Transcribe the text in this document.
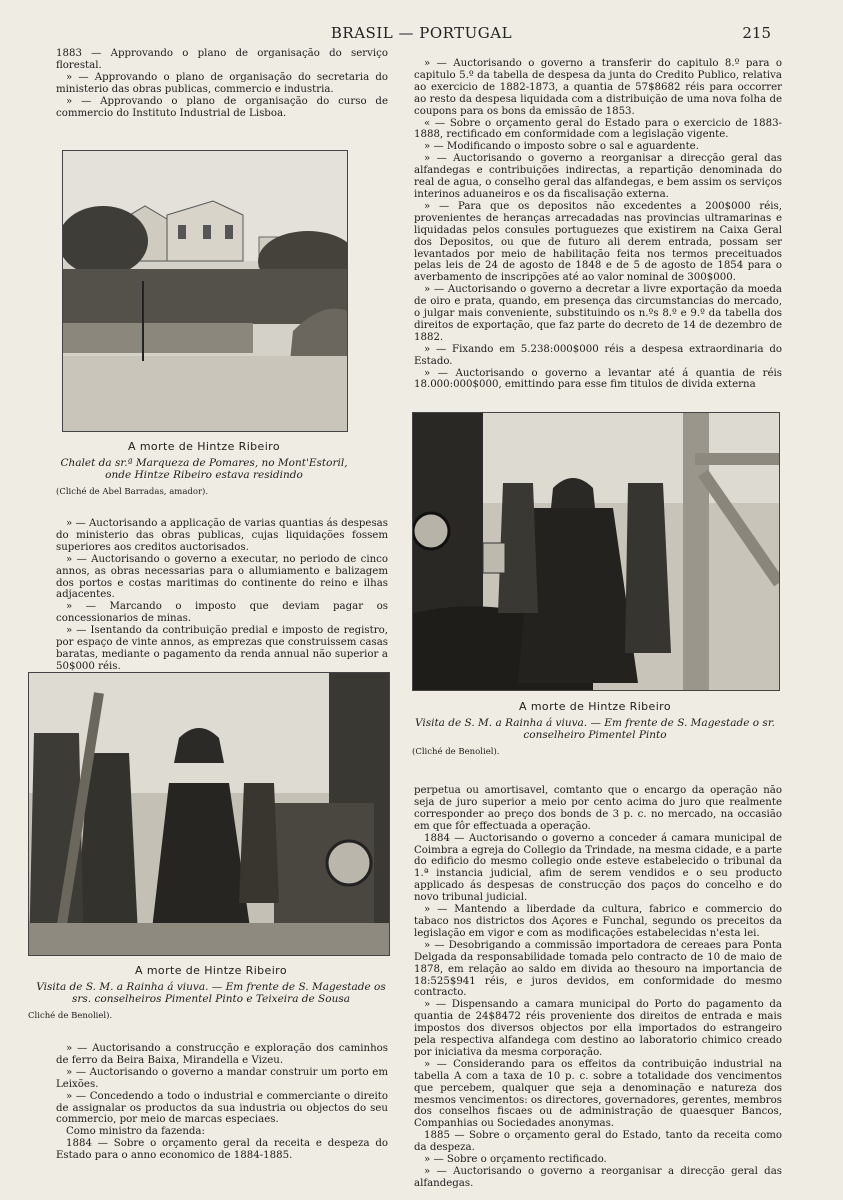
BRASIL — PORTUGAL	215

1883 — Approvando o plano de organisação do serviço florestal.

» — Approvando o plano de organisação do secretaria do ministerio das obras publicas, commercio e industria.

» — Approvando o plano de organisação do curso de commercio do Instituto Industrial de Lisboa.

A morte de Hintze Ribeiro
Chalet da sr.ª Marqueza de Pomares, no Mont'Estoril, onde Hintze Ribeiro estava residindo
(Cliché de Abel Barradas, amador).

» — Auctorisando a applicação de varias quantias ás despesas do ministerio das obras publicas, cujas liquidações fossem superiores aos creditos auctorisados.

» — Auctorisando o governo a executar, no periodo de cinco annos, as obras necessarias para o allumiamento e balizagem dos portos e costas maritimas do continente do reino e ilhas adjacentes.

» — Marcando o imposto que deviam pagar os concessionarios de minas.

» — Isentando da contribuição predial e imposto de registro, por espaço de vinte annos, as emprezas que construissem casas baratas, mediante o pagamento da renda annual não superior a 50$000 réis.

A morte de Hintze Ribeiro
Visita de S. M. a Rainha á viuva. — Em frente de S. Magestade os srs. conselheiros Pimentel Pinto e Teixeira de Sousa
Cliché de Benoliel).

» — Auctorisando a construcção e exploração dos caminhos de ferro da Beira Baixa, Mirandella e Vizeu.

» — Auctorisando o governo a mandar construir um porto em Leixões.

» — Concedendo a todo o industrial e commerciante o direito de assignalar os productos da sua industria ou objectos do seu commercio, por meio de marcas especiaes.

Como ministro da fazenda:

1884 — Sobre o orçamento geral da receita e despeza do Estado para o anno economico de 1884-1885.

» — Auctorisando o governo a transferir do capitulo 8.º para o capitulo 5.º da tabella de despesa da junta do Credito Publico, relativa ao exercicio de 1882-1873, a quantia de 57$8682 réis para occorrer ao resto da despesa liquidada com a distribuição de uma nova folha de coupons para os bons da emissão de 1853.

« — Sobre o orçamento geral do Estado para o exercicio de 1883-1888, rectificado em conformidade com a legislação vigente.

» — Modificando o imposto sobre o sal e aguardente.

» — Auctorisando o governo a reorganisar a direcção geral das alfandegas e contribuições indirectas, a repartição denominada do real de agua, o conselho geral das alfandegas, e bem assim os serviços interinos aduaneiros e os da fiscalisação externa.

» — Para que os depositos não excedentes a 200$000 réis, provenientes de heranças arrecadadas nas provincias ultramarinas e liquidadas pelos consules portuguezes que existirem na Caixa Geral dos Depositos, ou que de futuro ali derem entrada, possam ser levantados por meio de habilitação feita nos termos preceituados pelas leis de 24 de agosto de 1848 e de 5 de agosto de 1854 para o averbamento de inscripções até ao valor nominal de 300$000.

» — Auctorisando o governo a decretar a livre exportação da moeda de oiro e prata, quando, em presença das circumstancias do mercado, o julgar mais conveniente, substituindo os n.ºs 8.º e 9.º da tabella dos direitos de exportação, que faz parte do decreto de 14 de dezembro de 1882.

» — Fixando em 5.238:000$000 réis a despesa extraordinaria do Estado.

» — Auctorisando o governo a levantar até á quantia de réis 18.000:000$000, emittindo para esse fim titulos de divida externa

A morte de Hintze Ribeiro
Visita de S. M. a Rainha á viuva. — Em frente de S. Magestade o sr. conselheiro Pimentel Pinto
(Cliché de Benoliel).

perpetua ou amortisavel, comtanto que o encargo da operação não seja de juro superior a meio por cento acima do juro que realmente corresponder ao preço dos bonds de 3 p. c. no mercado, na occasião em que fôr effectuada a operação.

1884 — Auctorisando o governo a conceder á camara municipal de Coimbra a egreja do Collegio da Trindade, na mesma cidade, e a parte do edificio do mesmo collegio onde esteve estabelecido o tribunal da 1.ª instancia judicial, afim de serem vendidos e o seu producto applicado ás despesas de construcção dos paços do concelho e do novo tribunal judicial.

» — Mantendo a liberdade da cultura, fabrico e commercio do tabaco nos districtos dos Açores e Funchal, segundo os preceitos da legislação em vigor e com as modificações estabelecidas n'esta lei.

» — Desobrigando a commissão importadora de cereaes para Ponta Delgada da responsabilidade tomada pelo contracto de 10 de maio de 1878, em relação ao saldo em divida ao thesouro na importancia de 18:525$941 réis, e juros devidos, em conformidade do mesmo contracto.

» — Dispensando a camara municipal do Porto do pagamento da quantia de 24$8472 réis proveniente dos direitos de entrada e mais impostos dos diversos objectos por ella importados do estrangeiro pela respectiva alfandega com destino ao laboratorio chimico creado por iniciativa da mesma corporação.

» — Considerando para os effeitos da contribuição industrial na tabella A com a taxa de 10 p. c. sobre a totalidade dos vencimentos que percebem, qualquer que seja a denominação e natureza dos mesmos vencimentos: os directores, governadores, gerentes, membros dos conselhos fiscaes ou de administração de quaesquer Bancos, Companhias ou Sociedades anonymas.

1885 — Sobre o orçamento geral do Estado, tanto da receita como da despeza.

» — Sobre o orçamento rectificado.

» — Auctorisando o governo a reorganisar a direcção geral das alfandegas.
